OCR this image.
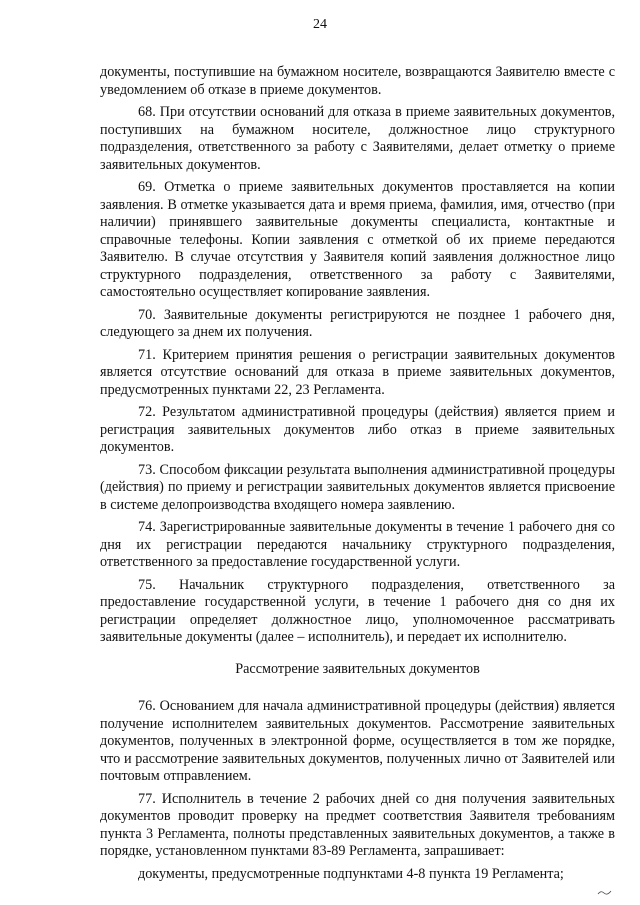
24

документы, поступившие на бумажном носителе, возвращаются Заявителю вместе с уведомлением об отказе в приеме документов.

68. При отсутствии оснований для отказа в приеме заявительных документов, поступивших на бумажном носителе, должностное лицо структурного подразделения, ответственного за работу с Заявителями, делает отметку о приеме заявительных документов.

69. Отметка о приеме заявительных документов проставляется на копии заявления. В отметке указывается дата и время приема, фамилия, имя, отчество (при наличии) принявшего заявительные документы специалиста, контактные и справочные телефоны. Копии заявления с отметкой об их приеме передаются Заявителю. В случае отсутствия у Заявителя копий заявления должностное лицо структурного подразделения, ответственного за работу с Заявителями, самостоятельно осуществляет копирование заявления.

70. Заявительные документы регистрируются не позднее 1 рабочего дня, следующего за днем их получения.

71. Критерием принятия решения о регистрации заявительных документов является отсутствие оснований для отказа в приеме заявительных документов, предусмотренных пунктами 22, 23 Регламента.

72. Результатом административной процедуры (действия) является прием и регистрация заявительных документов либо отказ в приеме заявительных документов.

73. Способом фиксации результата выполнения административной процедуры (действия) по приему и регистрации заявительных документов является присвоение в системе делопроизводства входящего номера заявлению.

74. Зарегистрированные заявительные документы в течение 1 рабочего дня со дня их регистрации передаются начальнику структурного подразделения, ответственного за предоставление государственной услуги.

75. Начальник структурного подразделения, ответственного за предоставление государственной услуги, в течение 1 рабочего дня со дня их регистрации определяет должностное лицо, уполномоченное рассматривать заявительные документы (далее – исполнитель), и передает их исполнителю.

Рассмотрение заявительных документов

76. Основанием для начала административной процедуры (действия) является получение исполнителем заявительных документов. Рассмотрение заявительных документов, полученных в электронной форме, осуществляется в том же порядке, что и рассмотрение заявительных документов, полученных лично от Заявителей или почтовым отправлением.

77. Исполнитель в течение 2 рабочих дней со дня получения заявительных документов проводит проверку на предмет соответствия Заявителя требованиям пункта 3 Регламента, полноты представленных заявительных документов, а также в порядке, установленном пунктами 83-89 Регламента, запрашивает:

документы, предусмотренные подпунктами 4-8 пункта 19 Регламента;
